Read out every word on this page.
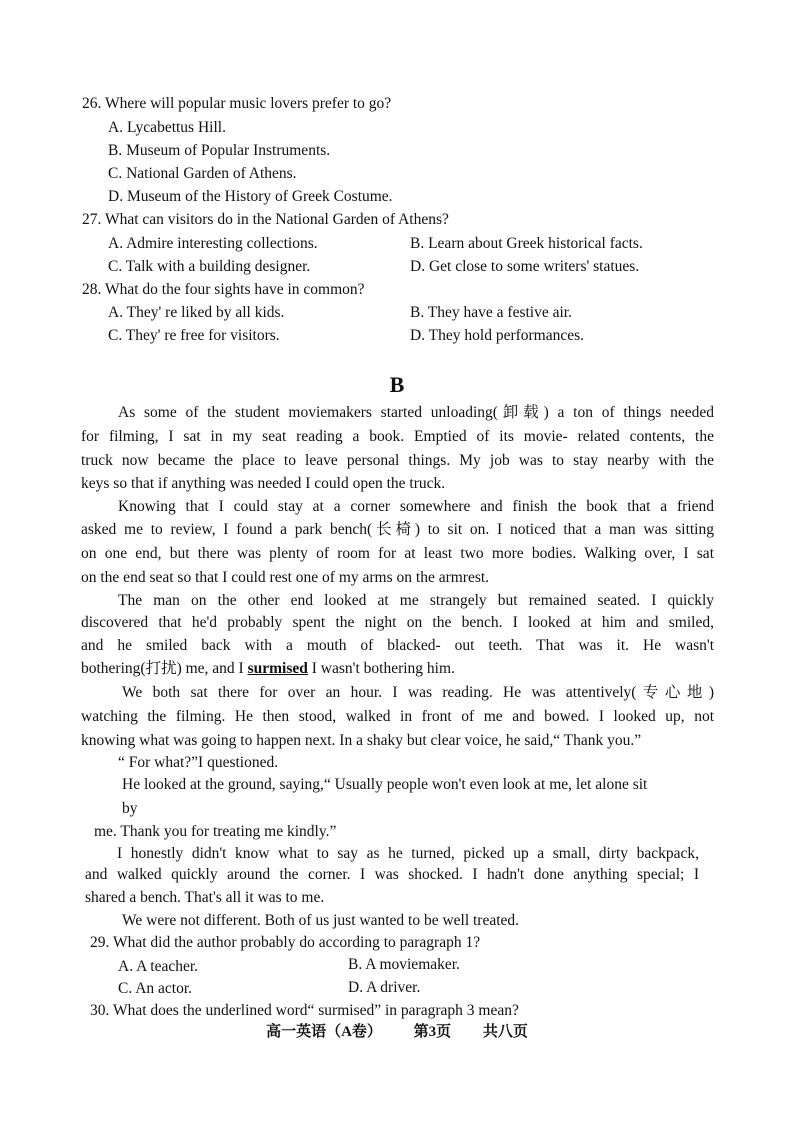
26. Where will popular music lovers prefer to go?
A. Lycabettus Hill.
B. Museum of Popular Instruments.
C. National Garden of Athens.
D. Museum of the History of Greek Costume.
27. What can visitors do in the National Garden of Athens?
A. Admire interesting collections.	B. Learn about Greek historical facts.
C. Talk with a building designer.	D. Get close to some writers' statues.
28. What do the four sights have in common?
A. They' re liked by all kids.	B. They have a festive air.
C. They' re free for visitors.	D. They hold performances.
B
As some of the student moviemakers started unloading(卸载) a ton of things needed
for filming, I sat in my seat reading a book. Emptied of its movie- related contents, the
truck now became the place to leave personal things. My job was to stay nearby with the
keys so that if anything was needed I could open the truck.
Knowing that I could stay at a corner somewhere and finish the book that a friend
asked me to review, I found a park bench(长椅) to sit on. I noticed that a man was sitting
on one end, but there was plenty of room for at least two more bodies. Walking over, I sat
on the end seat so that I could rest one of my arms on the armrest.
The man on the other end looked at me strangely but remained seated. I quickly
discovered that he'd probably spent the night on the bench. I looked at him and smiled,
and he smiled back with a mouth of blacked- out teeth. That was it. He wasn't
bothering(打扰) me, and I surmised I wasn't bothering him.
We both sat there for over an hour. I was reading. He was attentively(专心地)
watching the filming. He then stood, walked in front of me and bowed. I looked up, not
knowing what was going to happen next. In a shaky but clear voice, he said,“ Thank you.”
“ For what?”I questioned.
He looked at the ground, saying,“ Usually people won't even look at me, let alone sit
by
me. Thank you for treating me kindly.”
I honestly didn't know what to say as he turned, picked up a small, dirty backpack,
and walked quickly around the corner. I was shocked. I hadn't done anything special; I
shared a bench. That's all it was to me.
We were not different. Both of us just wanted to be well treated.
29. What did the author probably do according to paragraph 1?
A. A teacher.	B. A moviemaker.
C. An actor.	D. A driver.
30. What does the underlined word“ surmised” in paragraph 3 mean?
高一英语（A卷） 第3页 共八页
